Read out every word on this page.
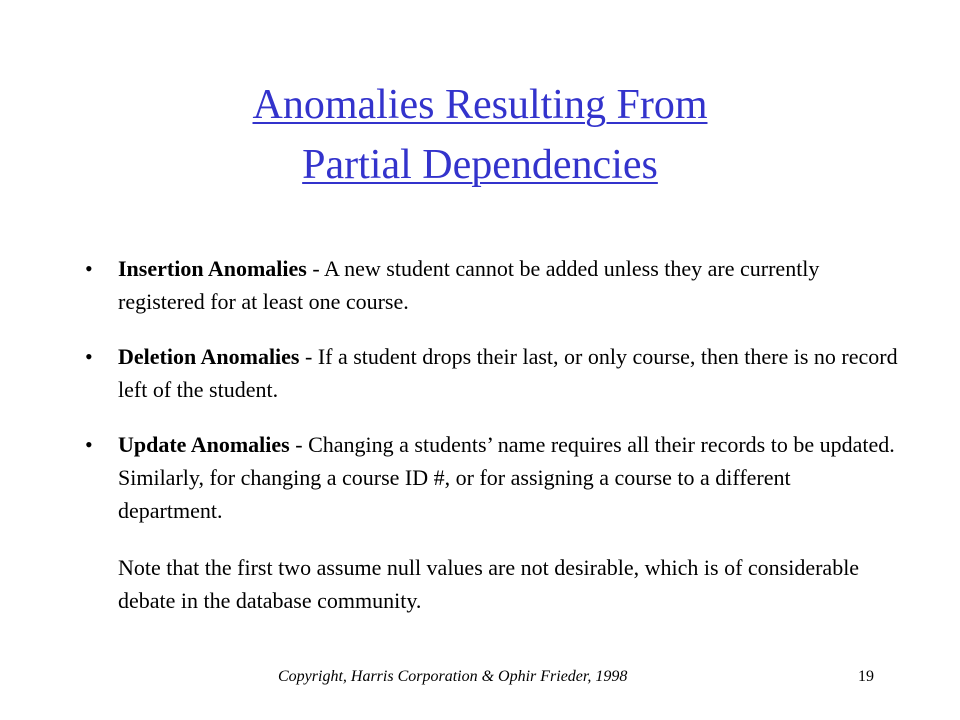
Anomalies Resulting From
Partial Dependencies
• Insertion Anomalies - A new student cannot be added unless they are currently registered for at least one course.
• Deletion Anomalies - If a student drops their last, or only course, then there is no record left of the student.
• Update Anomalies - Changing a students’ name requires all their records to be updated. Similarly, for changing a course ID #, or for assigning a course to a different department.
Note that the first two assume null values are not desirable, which is of considerable debate in the database community.
Copyright, Harris Corporation & Ophir Frieder, 1998	19
